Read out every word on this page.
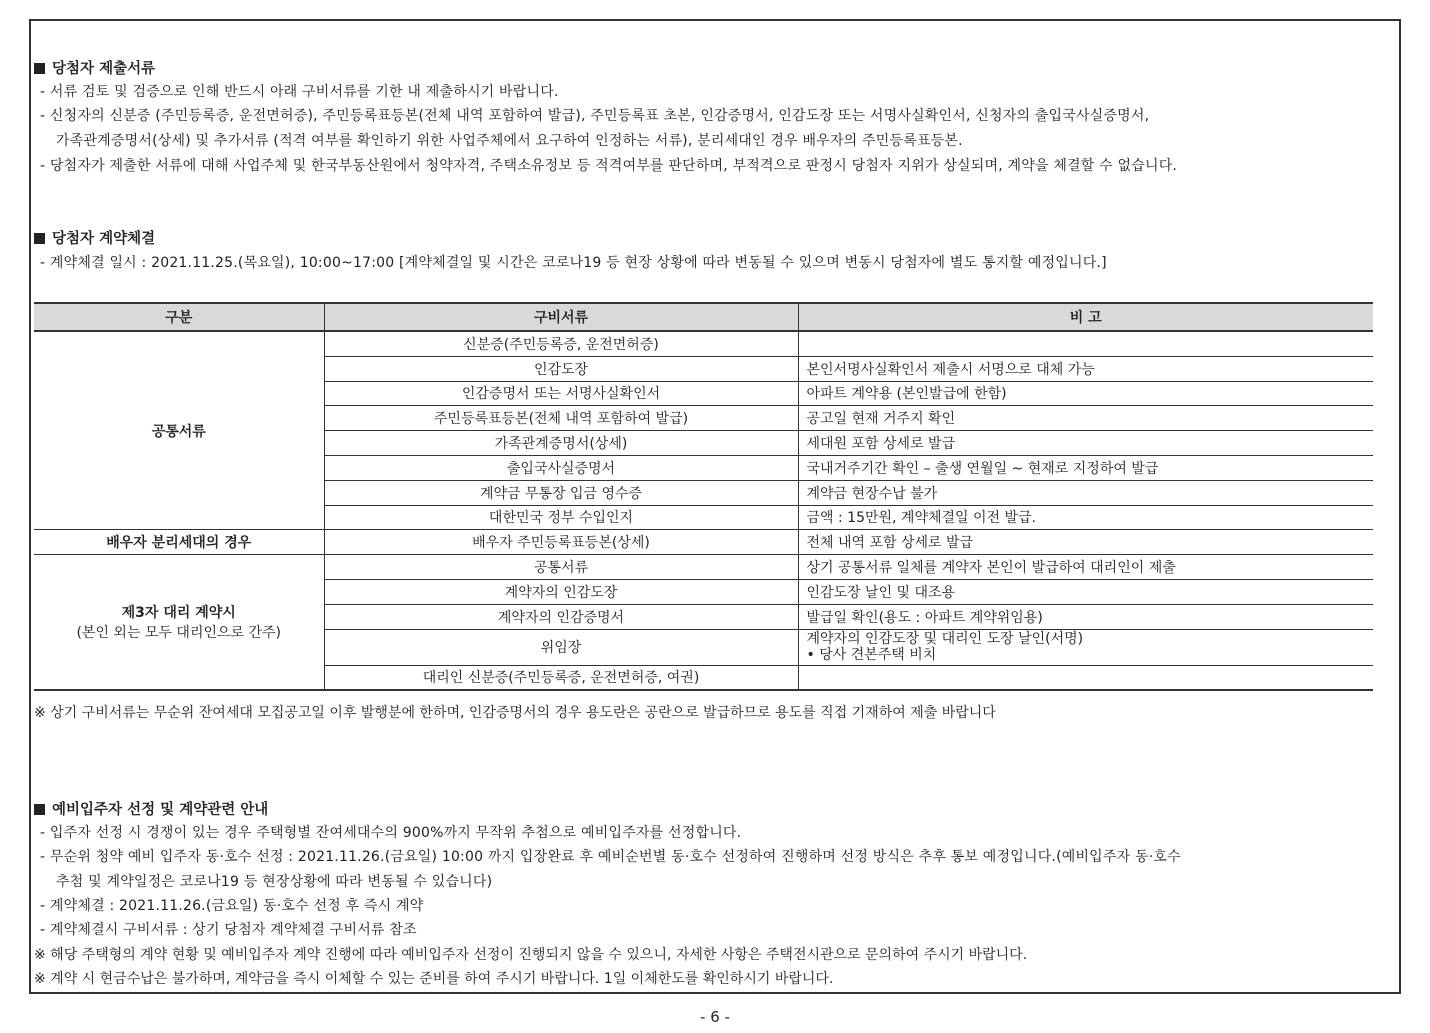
당첨자 제출서류
- 서류 검토 및 검증으로 인해 반드시 아래 구비서류를 기한 내 제출하시기 바랍니다.
- 신청자의 신분증 (주민등록증, 운전면허증), 주민등록표등본(전체 내역 포함하여 발급), 주민등록표 초본, 인감증명서, 인감도장 또는 서명사실확인서, 신청자의 출입국사실증명서,
가족관계증명서(상세) 및 추가서류 (적격 여부를 확인하기 위한 사업주체에서 요구하여 인정하는 서류), 분리세대인 경우 배우자의 주민등록표등본.
- 당첨자가 제출한 서류에 대해 사업주체 및 한국부동산원에서 청약자격, 주택소유정보 등 적격여부를 판단하며, 부적격으로 판정시 당첨자 지위가 상실되며, 계약을 체결할 수 없습니다.
당첨자 계약체결
- 계약체결 일시 : 2021.11.25.(목요일), 10:00~17:00 [계약체결일 및 시간은 코로나19 등 현장 상황에 따라 변동될 수 있으며 변동시 당첨자에 별도 통지할 예정입니다.]
구분	구비서류	비 고
공통서류	신분증(주민등록증, 운전면허증)	
	인감도장	본인서명사실확인서 제출시 서명으로 대체 가능
	인감증명서 또는 서명사실확인서	아파트 계약용 (본인발급에 한함)
	주민등록표등본(전체 내역 포함하여 발급)	공고일 현재 거주지 확인
	가족관계증명서(상세)	세대원 포함 상세로 발급
	출입국사실증명서	국내거주기간 확인 – 출생 연월일 ~ 현재로 지정하여 발급
	계약금 무통장 입금 영수증	계약금 현장수납 불가
	대한민국 정부 수입인지	금액 : 15만원, 계약체결일 이전 발급.
배우자 분리세대의 경우	배우자 주민등록표등본(상세)	전체 내역 포함 상세로 발급
제3자 대리 계약시
(본인 외는 모두 대리인으로 간주)	공통서류	상기 공통서류 일체를 계약자 본인이 발급하여 대리인이 제출
	계약자의 인감도장	인감도장 날인 및 대조용
	계약자의 인감증명서	발급일 확인(용도 : 아파트 계약위임용)
	위임장	계약자의 인감도장 및 대리인 도장 날인(서명)
• 당사 견본주택 비치

	대리인 신분증(주민등록증, 운전면허증, 여권)	
※ 상기 구비서류는 무순위 잔여세대 모집공고일 이후 발행분에 한하며, 인감증명서의 경우 용도란은 공란으로 발급하므로 용도를 직접 기재하여 제출 바랍니다
예비입주자 선정 및 계약관련 안내
- 입주자 선정 시 경쟁이 있는 경우 주택형별 잔여세대수의 900%까지 무작위 추첨으로 예비입주자를 선정합니다.
- 무순위 청약 예비 입주자 동·호수 선정 : 2021.11.26.(금요일) 10:00 까지 입장완료 후 예비순번별 동·호수 선정하여 진행하며 선정 방식은 추후 통보 예정입니다.(예비입주자 동·호수
추첨 및 계약일정은 코로나19 등 현장상황에 따라 변동될 수 있습니다)
- 계약체결 : 2021.11.26.(금요일) 동·호수 선정 후 즉시 계약
- 계약체결시 구비서류 : 상기 당첨자 계약체결 구비서류 참조
※ 해당 주택형의 계약 현황 및 예비입주자 계약 진행에 따라 예비입주자 선정이 진행되지 않을 수 있으니, 자세한 사항은 주택전시관으로 문의하여 주시기 바랍니다.
※ 계약 시 현금수납은 불가하며, 계약금을 즉시 이체할 수 있는 준비를 하여 주시기 바랍니다. 1일 이체한도를 확인하시기 바랍니다.
- 6 -
